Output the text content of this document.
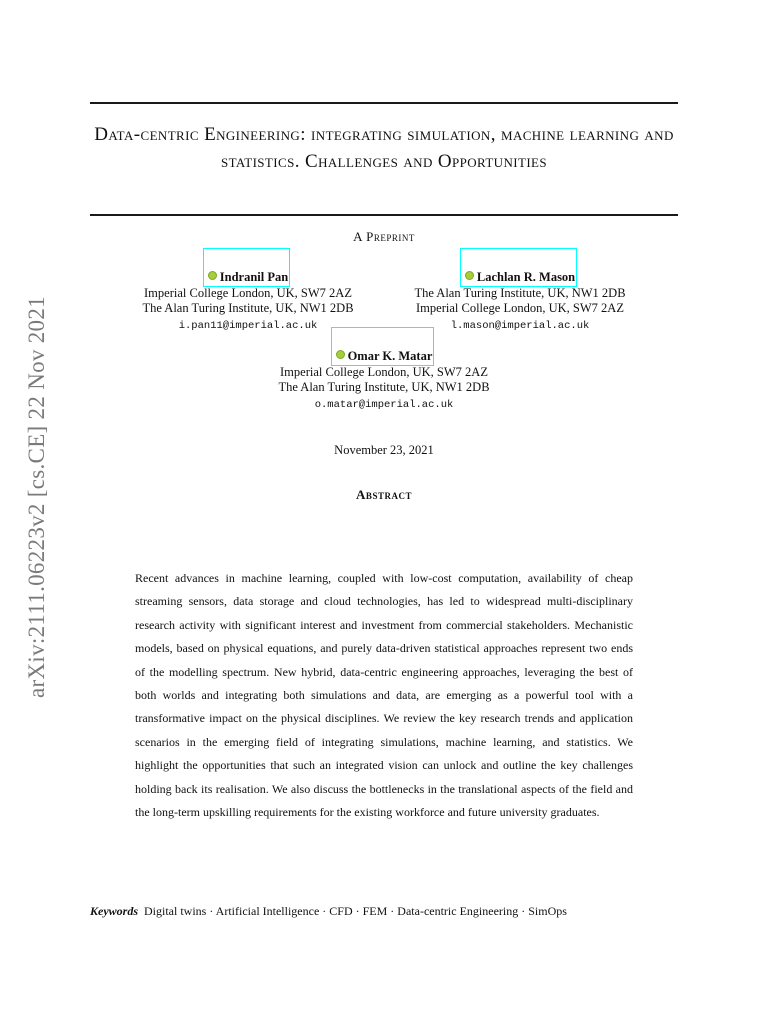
arXiv:2111.06223v2 [cs.CE] 22 Nov 2021
Data-centric Engineering: integrating simulation, machine learning and statistics. Challenges and Opportunities
A Preprint
Indranil Pan

Imperial College London, UK, SW7 2AZ
The Alan Turing Institute, UK, NW1 2DB
i.pan11@imperial.ac.uk
Lachlan R. Mason

The Alan Turing Institute, UK, NW1 2DB
Imperial College London, UK, SW7 2AZ
l.mason@imperial.ac.uk
Omar K. Matar

Imperial College London, UK, SW7 2AZ
The Alan Turing Institute, UK, NW1 2DB
o.matar@imperial.ac.uk
November 23, 2021
Abstract

Recent advances in machine learning, coupled with low-cost computation, availability of cheap streaming sensors, data storage and cloud technologies, has led to widespread multi-disciplinary research activity with significant interest and investment from commercial stakeholders. Mechanistic models, based on physical equations, and purely data-driven statistical approaches represent two ends of the modelling spectrum. New hybrid, data-centric engineering approaches, leveraging the best of both worlds and integrating both simulations and data, are emerging as a powerful tool with a transformative impact on the physical disciplines. We review the key research trends and application scenarios in the emerging field of integrating simulations, machine learning, and statistics. We highlight the opportunities that such an integrated vision can unlock and outline the key challenges holding back its realisation. We also discuss the bottlenecks in the translational aspects of the field and the long-term upskilling requirements for the existing workforce and future university graduates.

Keywords Digital twins · Artificial Intelligence · CFD · FEM · Data-centric Engineering · SimOps
